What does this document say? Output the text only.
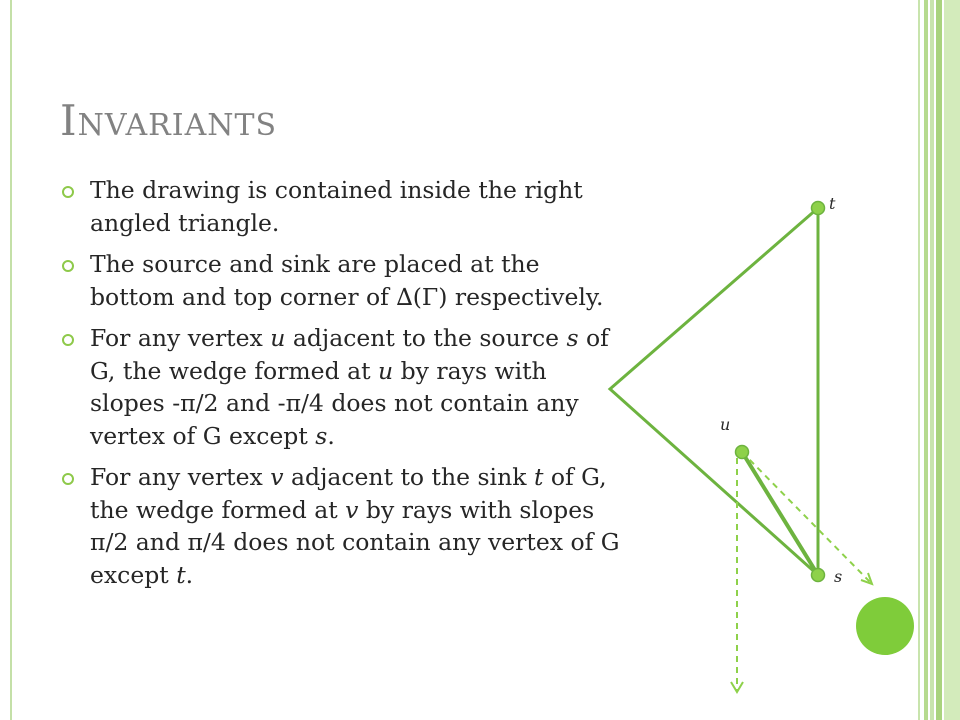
INVARIANTS
The drawing is contained inside the right angled triangle.
The source and sink are placed at the bottom and top corner of ∆(Γ) respectively.
For any vertex u adjacent to the source s of G, the wedge formed at u by rays with slopes -π/2 and -π/4 does not contain any vertex of G except s.
For any vertex v adjacent to the sink t of G, the wedge formed at v by rays with slopes π/2 and π/4 does not contain any vertex of G except t.
t
u
s
